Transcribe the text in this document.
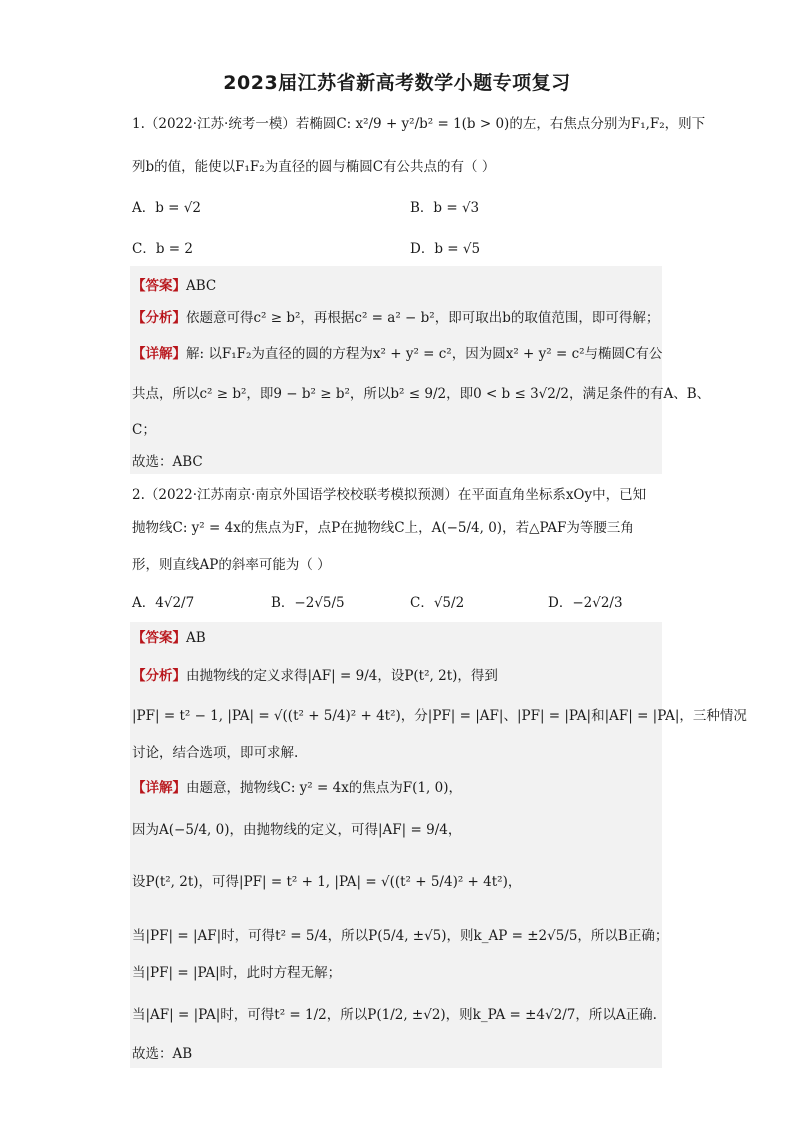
2023届江苏省新高考数学小题专项复习
1.（2022·江苏·统考一模）若椭圆C: x²/9 + y²/b² = 1(b > 0)的左，右焦点分别为F₁,F₂，则下
列b的值，能使以F₁F₂为直径的圆与椭圆C有公共点的有（ ）
A．b = √2	B．b = √3
C．b = 2	D．b = √5
【答案】ABC
【分析】依题意可得c² ≥ b²，再根据c² = a² − b²，即可取出b的取值范围，即可得解；
【详解】解: 以F₁F₂为直径的圆的方程为x² + y² = c²，因为圆x² + y² = c²与椭圆C有公
共点，所以c² ≥ b²，即9 − b² ≥ b²，所以b² ≤ 9/2，即0 < b ≤ 3√2/2，满足条件的有A、B、
C；
故选：ABC
2.（2022·江苏南京·南京外国语学校校联考模拟预测）在平面直角坐标系xOy中，已知
抛物线C: y² = 4x的焦点为F，点P在抛物线C上，A(−5/4, 0)，若△PAF为等腰三角
形，则直线AP的斜率可能为（ ）
A．4√2/7	B．−2√5/5	C．√5/2	D．−2√2/3
【答案】AB
【分析】由抛物线的定义求得|AF| = 9/4，设P(t², 2t)，得到
|PF| = t² − 1, |PA| = √((t² + 5/4)² + 4t²)，分|PF| = |AF|、|PF| = |PA|和|AF| = |PA|，三种情况
讨论，结合选项，即可求解.
【详解】由题意，抛物线C: y² = 4x的焦点为F(1, 0)，
因为A(−5/4, 0)，由抛物线的定义，可得|AF| = 9/4，
设P(t², 2t)，可得|PF| = t² + 1, |PA| = √((t² + 5/4)² + 4t²)，
当|PF| = |AF|时，可得t² = 5/4，所以P(5/4, ±√5)，则k_AP = ±2√5/5，所以B正确；
当|PF| = |PA|时，此时方程无解；
当|AF| = |PA|时，可得t² = 1/2，所以P(1/2, ±√2)，则k_PA = ±4√2/7，所以A正确.
故选：AB
